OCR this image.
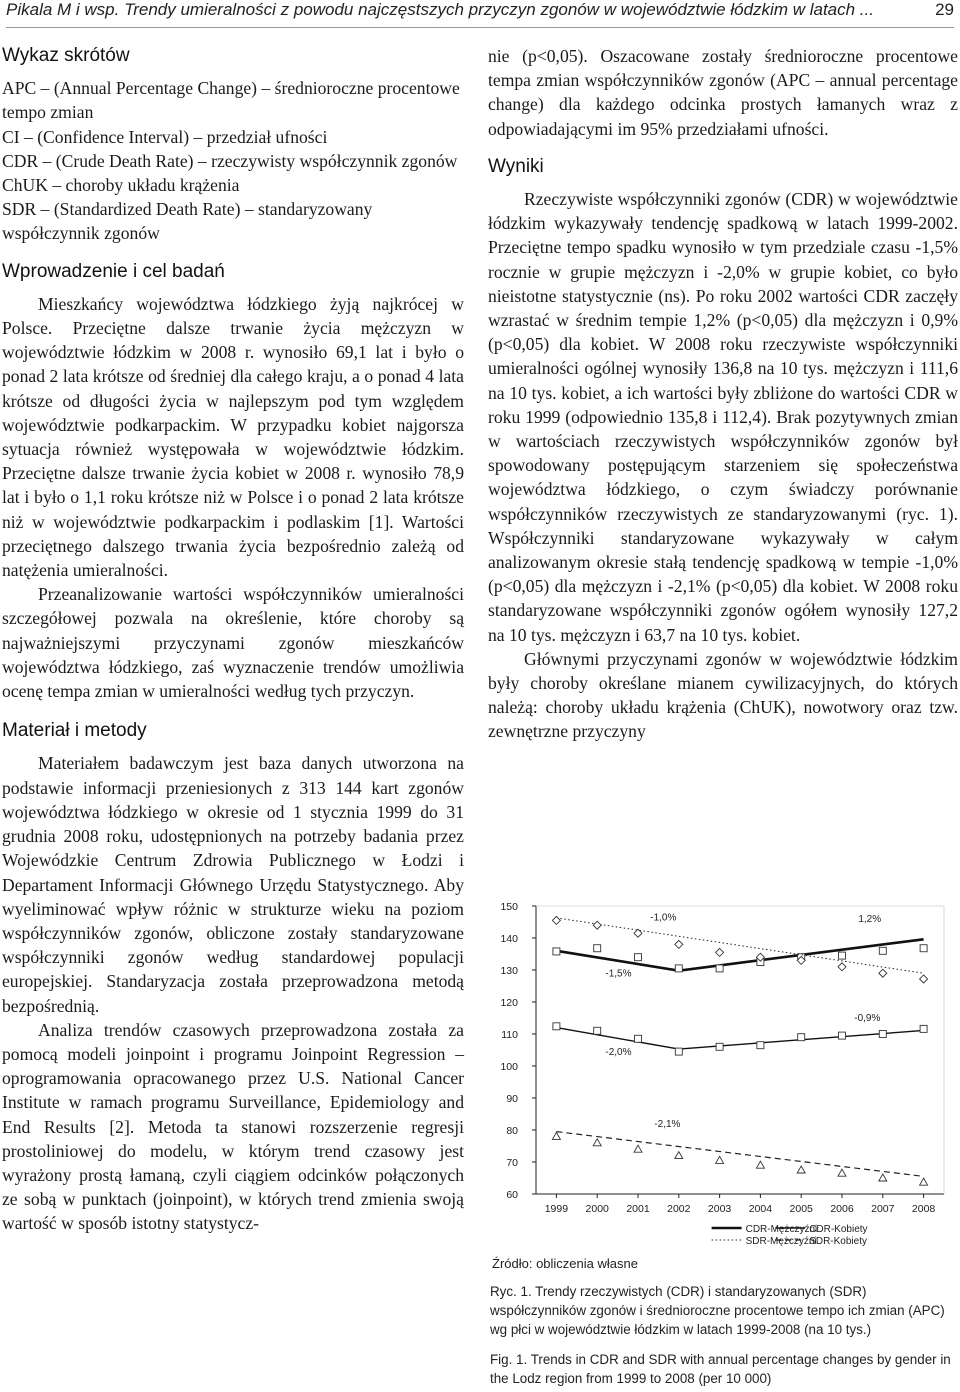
Pikala M i wsp. Trendy umieralności z powodu najczęstszych przyczyn zgonów w województwie łódzkim w latach ...	29
Wykaz skrótów

APC – (Annual Percentage Change) – średnioroczne procentowe tempo zmian

CI – (Confidence Interval) – przedział ufności

CDR – (Crude Death Rate) – rzeczywisty współczynnik zgonów

ChUK – choroby układu krążenia

SDR – (Standardized Death Rate) – standaryzowany współczynnik zgonów

Wprowadzenie i cel badań

Mieszkańcy województwa łódzkiego żyją najkrócej w Polsce. Przeciętne dalsze trwanie życia mężczyzn w województwie łódzkim w 2008 r. wynosiło 69,1 lat i było o ponad 2 lata krótsze od średniej dla całego kraju, a o ponad 4 lata krótsze od długości życia w najlepszym pod tym względem województwie podkarpackim. W przypadku kobiet najgorsza sytuacja również występowała w województwie łódzkim. Przeciętne dalsze trwanie życia kobiet w 2008 r. wynosiło 78,9 lat i było o 1,1 roku krótsze niż w Polsce i o ponad 2 lata krótsze niż w województwie podkarpackim i podlaskim [1]. Wartości przeciętnego dalszego trwania życia bezpośrednio zależą od natężenia umieralności.

Przeanalizowanie wartości współczynników umieralności szczegółowej pozwala na określenie, które choroby są najważniejszymi przyczynami zgonów mieszkańców województwa łódzkiego, zaś wyznaczenie trendów umożliwia ocenę tempa zmian w umieralności według tych przyczyn.

Materiał i metody

Materiałem badawczym jest baza danych utworzona na podstawie informacji przeniesionych z 313 144 kart zgonów województwa łódzkiego w okresie od 1 stycznia 1999 do 31 grudnia 2008 roku, udostępnionych na potrzeby badania przez Wojewódzkie Centrum Zdrowia Publicznego w Łodzi i Departament Informacji Głównego Urzędu Statystycznego. Aby wyeliminować wpływ różnic w strukturze wieku na poziom współczynników zgonów, obliczone zostały standaryzowane współczynniki zgonów według standardowej populacji europejskiej. Standaryzacja została przeprowadzona metodą bezpośrednią.

Analiza trendów czasowych przeprowadzona została za pomocą modeli joinpoint i programu Joinpoint Regression – oprogramowania opracowanego przez U.S. National Cancer Institute w ramach programu Surveillance, Epidemiology and End Results [2]. Metoda ta stanowi rozszerzenie regresji prostoliniowej do modelu, w którym trend czasowy jest wyrażony prostą łamaną, czyli ciągiem odcinków połączonych ze sobą w punktach (joinpoint), w których trend zmienia swoją wartość w sposób istotny statystycz-

nie (p<0,05). Oszacowane zostały średnioroczne procentowe tempa zmian współczynników zgonów (APC – annual percentage change) dla każdego odcinka prostych łamanych wraz z odpowiadającymi im 95% przedziałami ufności.

Wyniki

Rzeczywiste współczynniki zgonów (CDR) w województwie łódzkim wykazywały tendencję spadkową w latach 1999-2002. Przeciętne tempo spadku wynosiło w tym przedziale czasu -1,5% rocznie w grupie mężczyzn i -2,0% w grupie kobiet, co było nieistotne statystycznie (ns). Po roku 2002 wartości CDR zaczęły wzrastać w średnim tempie 1,2% (p<0,05) dla mężczyzn i 0,9% (p<0,05) dla kobiet. W 2008 roku rzeczywiste współczynniki umieralności ogólnej wynosiły 136,8 na 10 tys. mężczyzn i 111,6 na 10 tys. kobiet, a ich wartości były zbliżone do wartości CDR w roku 1999 (odpowiednio 135,8 i 112,4). Brak pozytywnych zmian w wartościach rzeczywistych współczynników zgonów był spowodowany postępującym starzeniem się społeczeństwa województwa łódzkiego, o czym świadczy porównanie współczynników rzeczywistych ze standaryzowanymi (ryc. 1). Współczynniki standaryzowane wykazywały w całym analizowanym okresie stałą tendencję spadkową w tempie -1,0% (p<0,05) dla mężczyzn i -2,1% (p<0,05) dla kobiet. W 2008 roku standaryzowane współczynniki zgonów ogółem wynosiły 127,2 na 10 tys. mężczyzn i 63,7 na 10 tys. kobiet.

Głównymi przyczynami zgonów w województwie łódzkim były choroby określane mianem cywilizacyjnych, do których należą: choroby układu krążenia (ChUK), nowotwory oraz tzw. zewnętrzne przyczyny

60
70
80
90
100
110
120
130
140
150
1999 2000 2001 2002 2003 2004 2005 2006 2007 2008
-1,0%	1,2%
-1,5%
-0,9%
-2,0%
-2,1%
CDR-Mężczyźni
CDR-Kobiety
SDR-Mężczyźni
SDR-Kobiety
Źródło: obliczenia własne
Ryc. 1. Trendy rzeczywistych (CDR) i standaryzowanych (SDR) współczynników zgonów i średnioroczne procentowe tempo ich zmian (APC) wg płci w województwie łódzkim w latach 1999-2008 (na 10 tys.)
Fig. 1. Trends in CDR and SDR with annual percentage changes by gender in the Lodz region from 1999 to 2008 (per 10 000)
